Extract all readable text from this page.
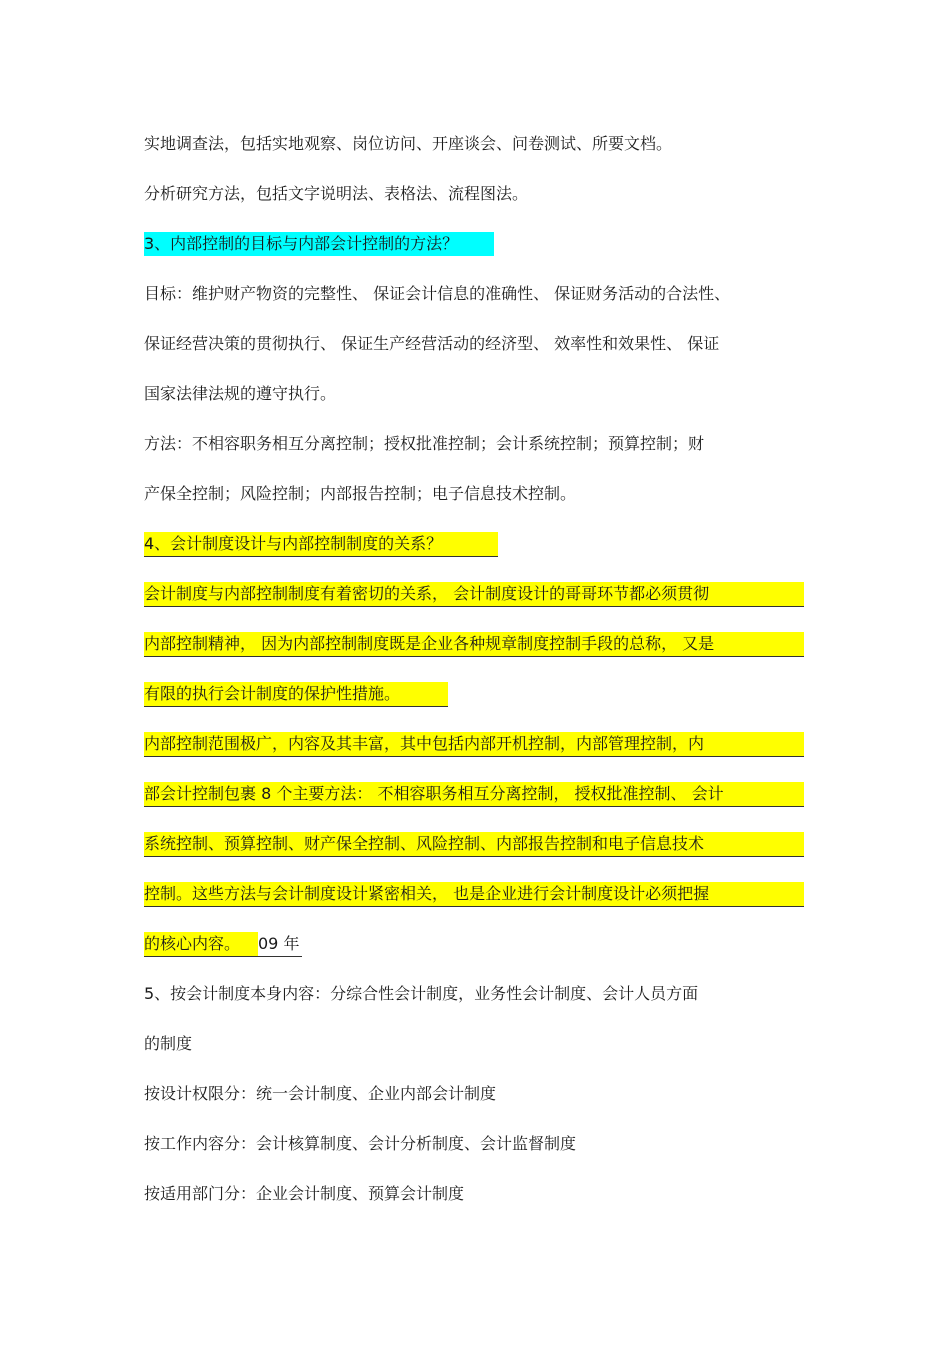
实地调查法，包括实地观察、岗位访问、开座谈会、问卷测试、所要文档。

分析研究方法，包括文字说明法、表格法、流程图法。

3、内部控制的目标与内部会计控制的方法？

目标：维护财产物资的完整性、 保证会计信息的准确性、 保证财务活动的合法性、

保证经营决策的贯彻执行、 保证生产经营活动的经济型、 效率性和效果性、 保证

国家法律法规的遵守执行。

方法：不相容职务相互分离控制；授权批准控制；会计系统控制；预算控制；财

产保全控制；风险控制；内部报告控制；电子信息技术控制。

4、会计制度设计与内部控制制度的关系？

会计制度与内部控制制度有着密切的关系， 会计制度设计的哥哥环节都必须贯彻

内部控制精神， 因为内部控制制度既是企业各种规章制度控制手段的总称， 又是

有限的执行会计制度的保护性措施。

内部控制范围极广，内容及其丰富，其中包括内部开机控制，内部管理控制，内

部会计控制包裹 8 个主要方法： 不相容职务相互分离控制， 授权批准控制、 会计

系统控制、预算控制、财产保全控制、风险控制、内部报告控制和电子信息技术

控制。这些方法与会计制度设计紧密相关， 也是企业进行会计制度设计必须把握

的核心内容。	09 年

5、按会计制度本身内容：分综合性会计制度，业务性会计制度、会计人员方面

的制度

按设计权限分：统一会计制度、企业内部会计制度

按工作内容分：会计核算制度、会计分析制度、会计监督制度

按适用部门分：企业会计制度、预算会计制度
